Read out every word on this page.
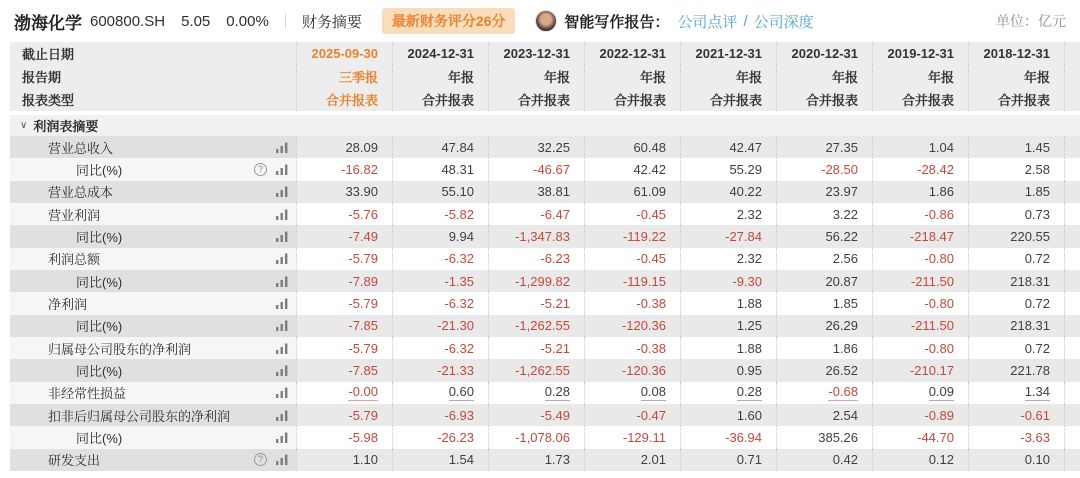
渤海化学 600800.SH 5.05 0.00% 财务摘要	最新财务评分26分	智能写作报告： 公司点评 / 公司深度	单位：亿元
截止日期	2025-09-30	2024-12-31	2023-12-31	2022-12-31	2021-12-31	2020-12-31	2019-12-31	2018-12-31
报告期	三季报	年报	年报	年报	年报	年报	年报	年报
报表类型	合并报表	合并报表	合并报表	合并报表	合并报表	合并报表	合并报表	合并报表
∨ 利润表摘要
营业总收入	28.09	47.84	32.25	60.48	42.47	27.35	1.04	1.45
同比(%)	?	-16.82	48.31	-46.67	42.42	55.29	-28.50	-28.42	2.58
营业总成本	33.90	55.10	38.81	61.09	40.22	23.97	1.86	1.85
营业利润	-5.76	-5.82	-6.47	-0.45	2.32	3.22	-0.86	0.73
同比(%)	-7.49	9.94	-1,347.83	-119.22	-27.84	56.22	-218.47	220.55
利润总额	-5.79	-6.32	-6.23	-0.45	2.32	2.56	-0.80	0.72
同比(%)	-7.89	-1.35	-1,299.82	-119.15	-9.30	20.87	-211.50	218.31
净利润	-5.79	-6.32	-5.21	-0.38	1.88	1.85	-0.80	0.72
同比(%)	-7.85	-21.30	-1,262.55	-120.36	1.25	26.29	-211.50	218.31
归属母公司股东的净利润	-5.79	-6.32	-5.21	-0.38	1.88	1.86	-0.80	0.72
同比(%)	-7.85	-21.33	-1,262.55	-120.36	0.95	26.52	-210.17	221.78
非经常性损益	-0.00	0.60	0.28	0.08	0.28	-0.68	0.09	1.34
扣非后归属母公司股东的净利润	-5.79	-6.93	-5.49	-0.47	1.60	2.54	-0.89	-0.61
同比(%)	-5.98	-26.23	-1,078.06	-129.11	-36.94	385.26	-44.70	-3.63
研发支出	?	1.10	1.54	1.73	2.01	0.71	0.42	0.12	0.10
